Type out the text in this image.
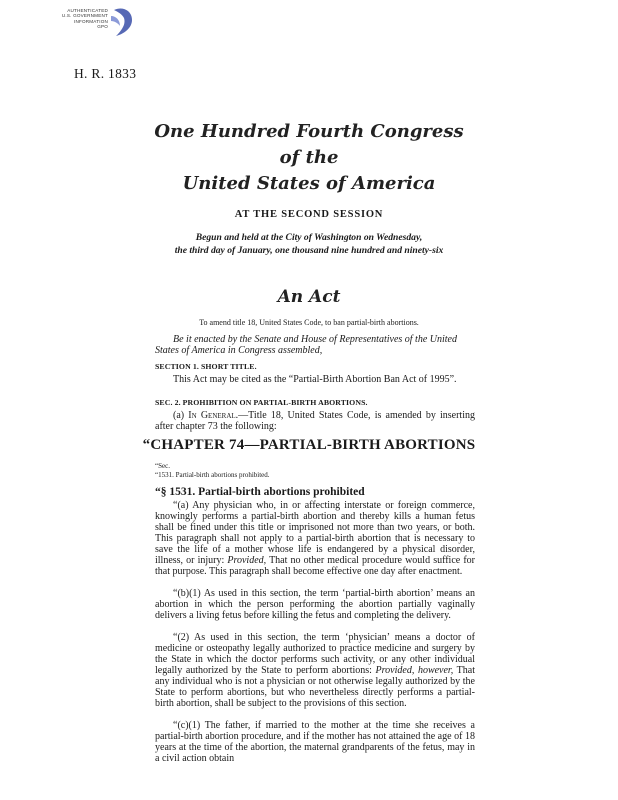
AUTHENTICATED
U.S. GOVERNMENT
INFORMATION
GPO
H. R. 1833
One Hundred Fourth Congress
of the
United States of America
AT THE SECOND SESSION
Begun and held at the City of Washington on Wednesday,
the third day of January, one thousand nine hundred and ninety-six
An Act
To amend title 18, United States Code, to ban partial-birth abortions.
Be it enacted by the Senate and House of Representatives of the United States of America in Congress assembled,
SECTION 1. SHORT TITLE.
This Act may be cited as the “Partial-Birth Abortion Ban Act of 1995”.
SEC. 2. PROHIBITION ON PARTIAL-BIRTH ABORTIONS.
(a) In General.—Title 18, United States Code, is amended by inserting after chapter 73 the following:
“CHAPTER 74—PARTIAL-BIRTH ABORTIONS
“Sec.
“1531. Partial-birth abortions prohibited.
“§ 1531. Partial-birth abortions prohibited
“(a) Any physician who, in or affecting interstate or foreign commerce, knowingly performs a partial-birth abortion and thereby kills a human fetus shall be fined under this title or imprisoned not more than two years, or both. This paragraph shall not apply to a partial-birth abortion that is necessary to save the life of a mother whose life is endangered by a physical disorder, illness, or injury: Provided, That no other medical procedure would suffice for that purpose. This paragraph shall become effective one day after enactment.
“(b)(1) As used in this section, the term ‘partial-birth abortion’ means an abortion in which the person performing the abortion partially vaginally delivers a living fetus before killing the fetus and completing the delivery.
“(2) As used in this section, the term ‘physician’ means a doctor of medicine or osteopathy legally authorized to practice medicine and surgery by the State in which the doctor performs such activity, or any other individual legally authorized by the State to perform abortions: Provided, however, That any individual who is not a physician or not otherwise legally authorized by the State to perform abortions, but who nevertheless directly performs a partial-birth abortion, shall be subject to the provisions of this section.
“(c)(1) The father, if married to the mother at the time she receives a partial-birth abortion procedure, and if the mother has not attained the age of 18 years at the time of the abortion, the maternal grandparents of the fetus, may in a civil action obtain
